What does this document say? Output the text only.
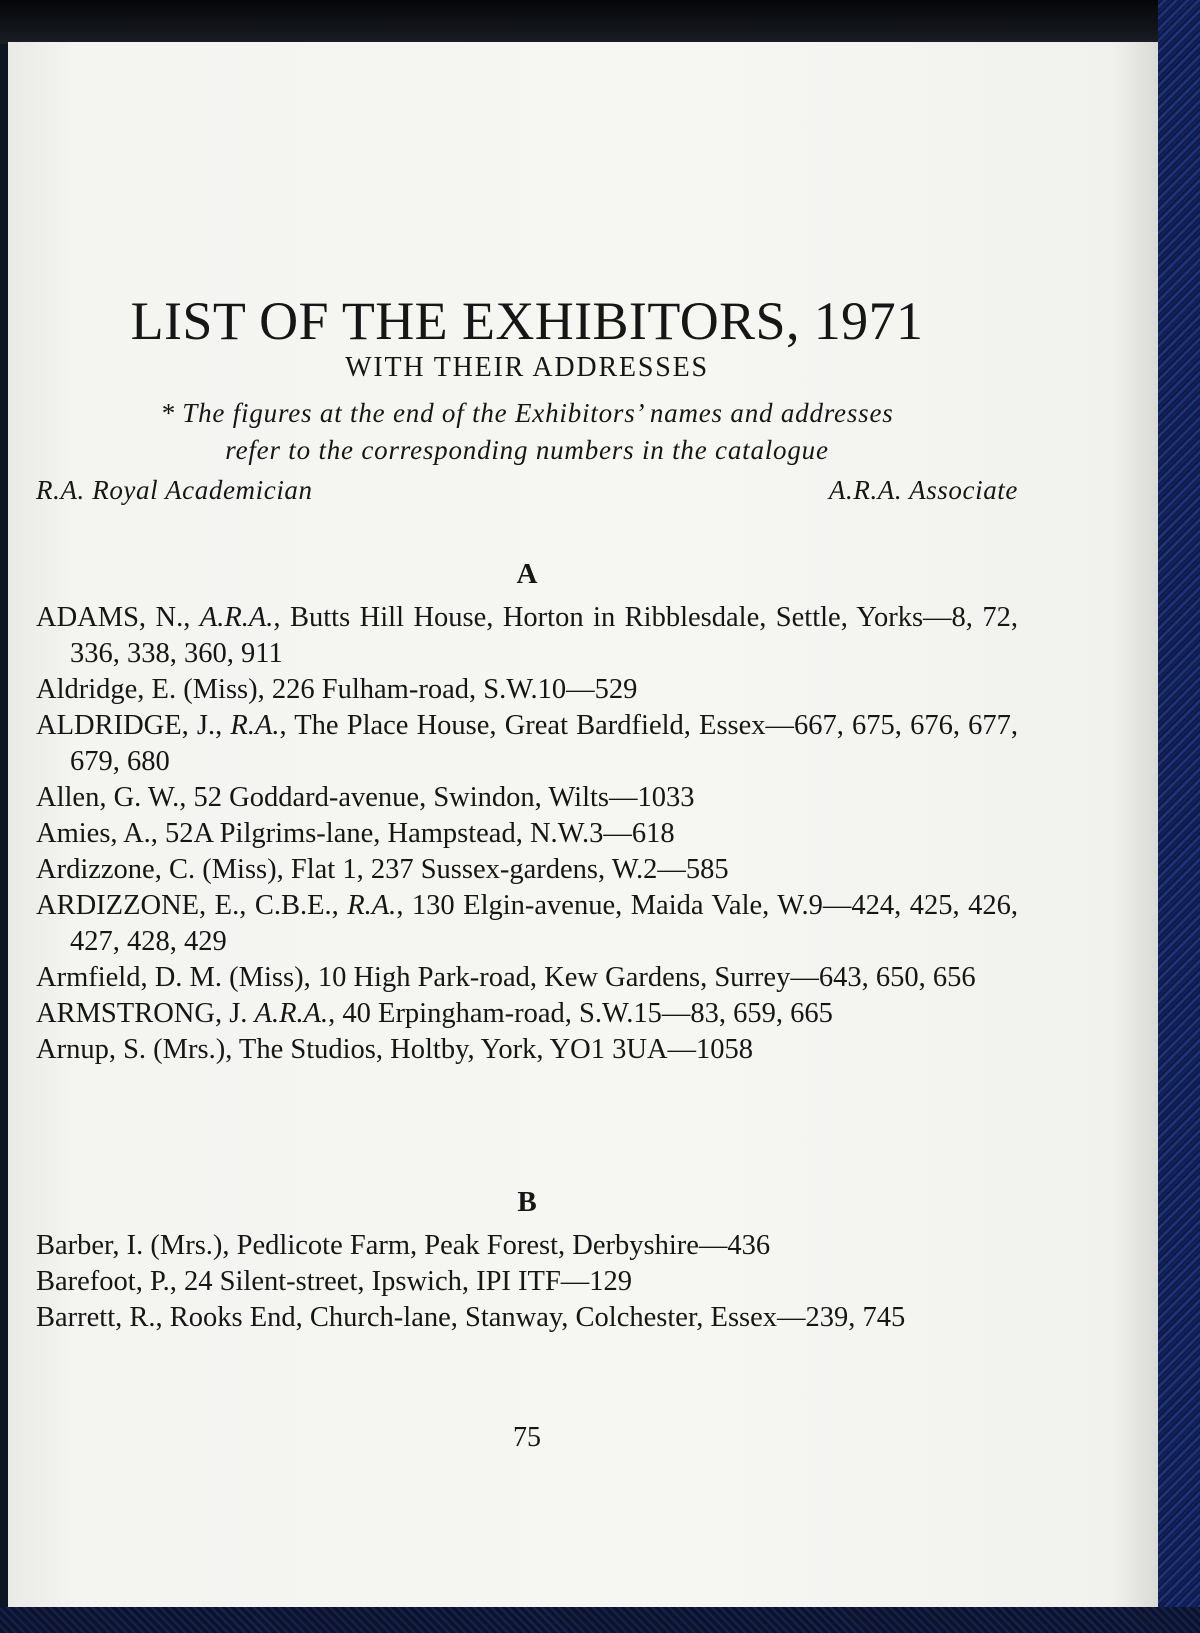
LIST OF THE EXHIBITORS, 1971
WITH THEIR ADDRESSES
* The figures at the end of the Exhibitors’ names and addresses
refer to the corresponding numbers in the catalogue
R.A. Royal Academician	A.R.A. Associate
A
ADAMS, N., A.R.A., Butts Hill House, Horton in Ribblesdale, Settle, Yorks—8, 72, 336, 338, 360, 911
Aldridge, E. (Miss), 226 Fulham-road, S.W.10—529
ALDRIDGE, J., R.A., The Place House, Great Bardfield, Essex—667, 675, 676, 677, 679, 680
Allen, G. W., 52 Goddard-avenue, Swindon, Wilts—1033
Amies, A., 52A Pilgrims-lane, Hampstead, N.W.3—618
Ardizzone, C. (Miss), Flat 1, 237 Sussex-gardens, W.2—585
ARDIZZONE, E., C.B.E., R.A., 130 Elgin-avenue, Maida Vale, W.9—424, 425, 426, 427, 428, 429
Armfield, D. M. (Miss), 10 High Park-road, Kew Gardens, Surrey—643, 650, 656
ARMSTRONG, J. A.R.A., 40 Erpingham-road, S.W.15—83, 659, 665
Arnup, S. (Mrs.), The Studios, Holtby, York, YO1 3UA—1058
B
Barber, I. (Mrs.), Pedlicote Farm, Peak Forest, Derbyshire—436
Barefoot, P., 24 Silent-street, Ipswich, IPI ITF—129
Barrett, R., Rooks End, Church-lane, Stanway, Colchester, Essex—239, 745
75
